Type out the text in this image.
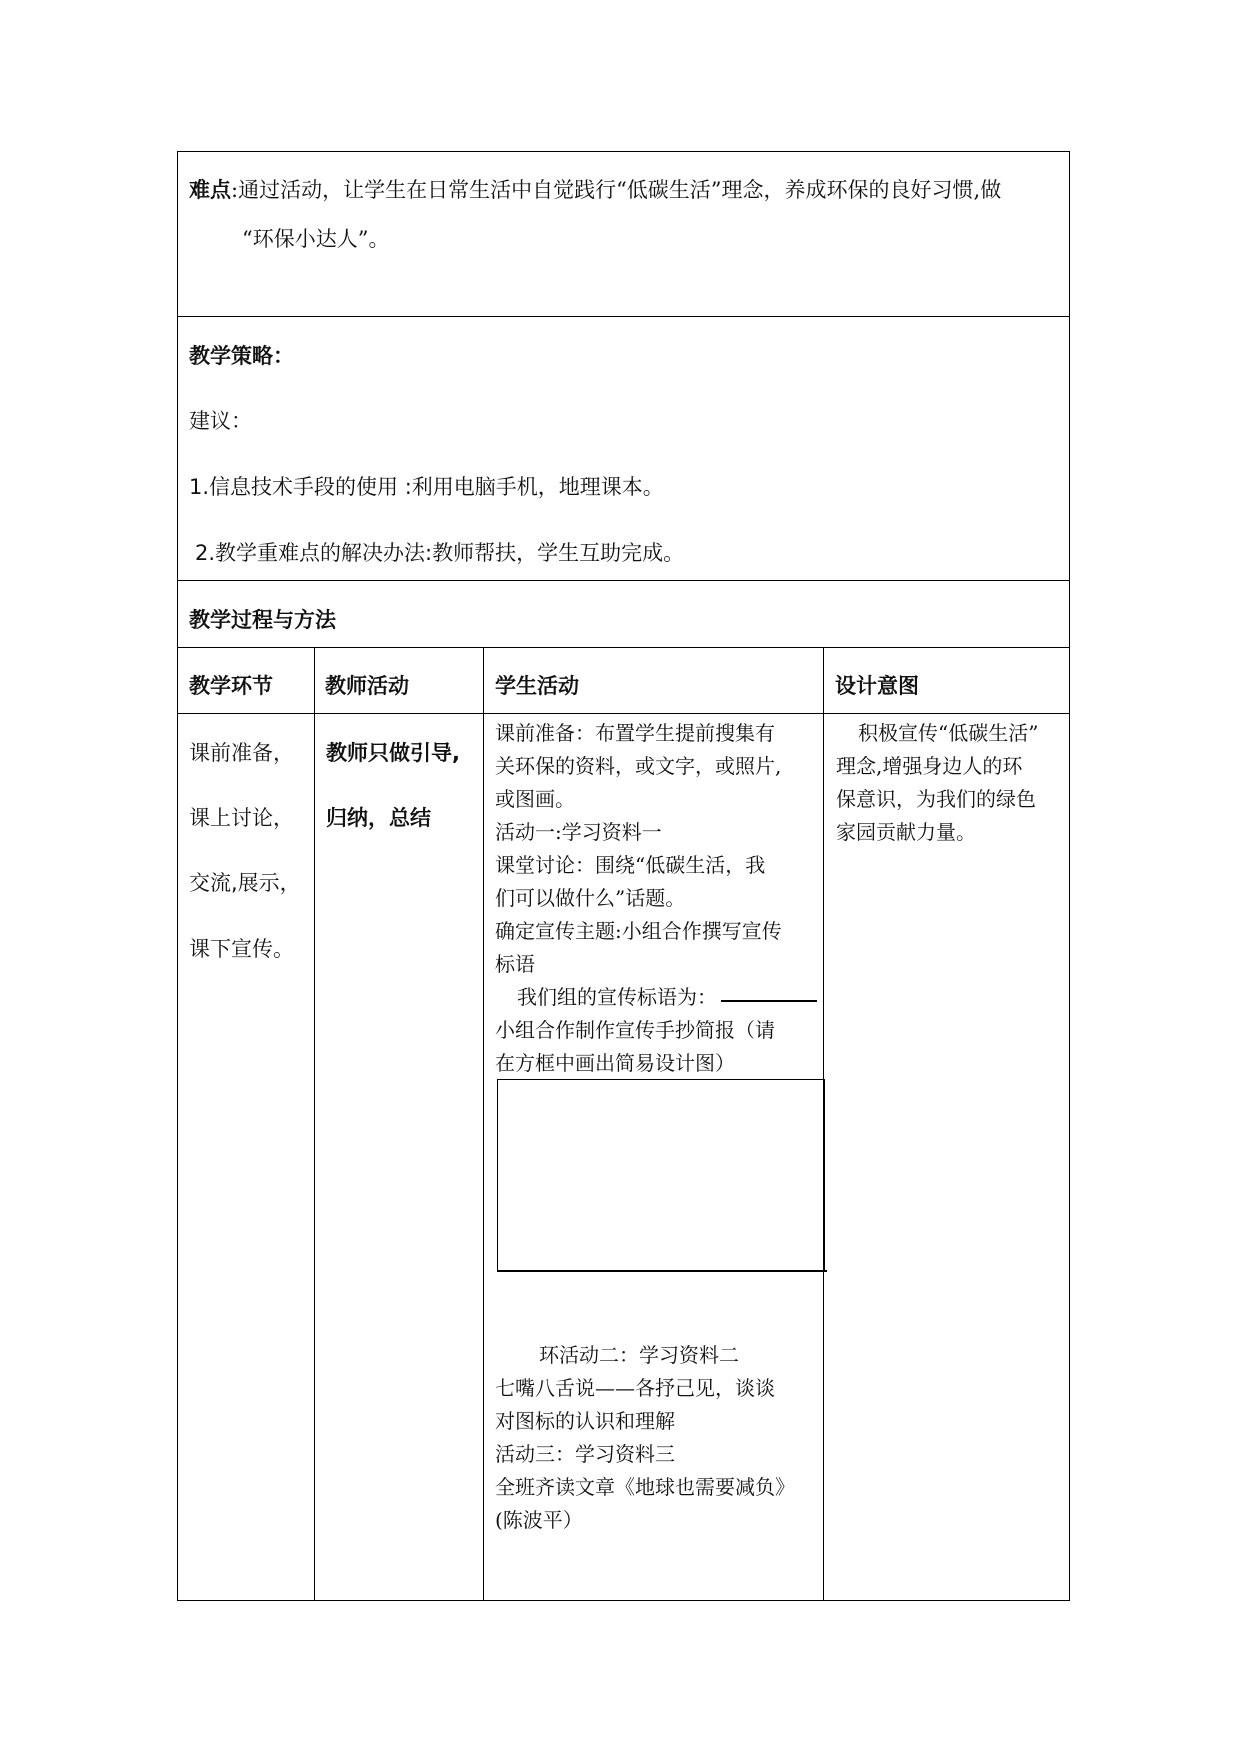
难点:通过活动，让学生在日常生活中自觉践行“低碳生活”理念，养成环保的良好习惯,做
“环保小达人”。
教学策略：
建议：
1.信息技术手段的使用 :利用电脑手机，地理课本。
2.教学重难点的解决办法:教师帮扶，学生互助完成。
教学过程与方法
教学环节 教师活动	学生活动	设计意图
课前准备，
课上讨论，
交流,展示，
课下宣传。
教师只做引导,
归纳，总结
课前准备：布置学生提前搜集有
关环保的资料，或文字，或照片,
或图画。
活动一:学习资料一
课堂讨论：围绕“低碳生活，我
们可以做什么”话题。
确定宣传主题:小组合作撰写宣传
标语
我们组的宣传标语为：
小组合作制作宣传手抄简报（请
在方框中画出简易设计图）
环活动二：学习资料二
七嘴八舌说——各抒己见，谈谈
对图标的认识和理解
活动三：学习资料三
全班齐读文章《地球也需要减负》
(陈波平）
积极宣传“低碳生活”
理念,增强身边人的环
保意识，为我们的绿色
家园贡献力量。
